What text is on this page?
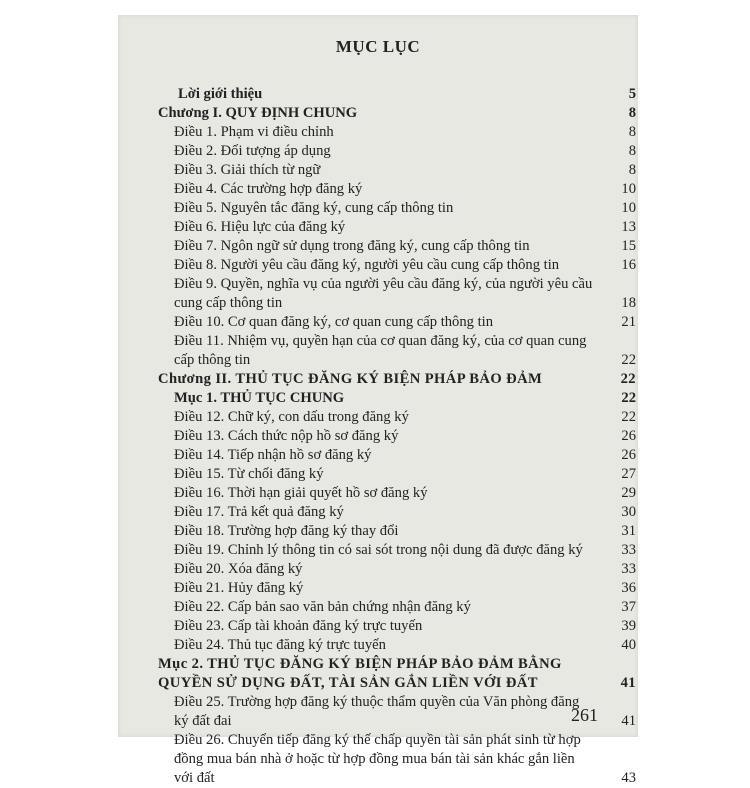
MỤC LỤC
Lời giới thiệu	5
Chương I. QUY ĐỊNH CHUNG	8
Điều 1. Phạm vi điều chỉnh	8
Điều 2. Đối tượng áp dụng	8
Điều 3. Giải thích từ ngữ	8
Điều 4. Các trường hợp đăng ký	10
Điều 5. Nguyên tắc đăng ký, cung cấp thông tin	10
Điều 6. Hiệu lực của đăng ký	13
Điều 7. Ngôn ngữ sử dụng trong đăng ký, cung cấp thông tin	15
Điều 8. Người yêu cầu đăng ký, người yêu cầu cung cấp thông tin	16
Điều 9. Quyền, nghĩa vụ của người yêu cầu đăng ký, của người yêu cầu cung cấp thông tin	18
Điều 10. Cơ quan đăng ký, cơ quan cung cấp thông tin	21
Điều 11. Nhiệm vụ, quyền hạn của cơ quan đăng ký, của cơ quan cung cấp thông tin	22
Chương II. THỦ TỤC ĐĂNG KÝ BIỆN PHÁP BẢO ĐẢM	22
Mục 1. THỦ TỤC CHUNG	22
Điều 12. Chữ ký, con dấu trong đăng ký	22
Điều 13. Cách thức nộp hồ sơ đăng ký	26
Điều 14. Tiếp nhận hồ sơ đăng ký	26
Điều 15. Từ chối đăng ký	27
Điều 16. Thời hạn giải quyết hồ sơ đăng ký	29
Điều 17. Trả kết quả đăng ký	30
Điều 18. Trường hợp đăng ký thay đổi	31
Điều 19. Chỉnh lý thông tin có sai sót trong nội dung đã được đăng ký	33
Điều 20. Xóa đăng ký	33
Điều 21. Hủy đăng ký	36
Điều 22. Cấp bản sao văn bản chứng nhận đăng ký	37
Điều 23. Cấp tài khoản đăng ký trực tuyến	39
Điều 24. Thủ tục đăng ký trực tuyến	40
Mục 2. THỦ TỤC ĐĂNG KÝ BIỆN PHÁP BẢO ĐẢM BẰNG QUYỀN SỬ DỤNG ĐẤT, TÀI SẢN GẮN LIỀN VỚI ĐẤT	41
Điều 25. Trường hợp đăng ký thuộc thẩm quyền của Văn phòng đăng ký đất đai	41
Điều 26. Chuyển tiếp đăng ký thế chấp quyền tài sản phát sinh từ hợp đồng mua bán nhà ở hoặc từ hợp đồng mua bán tài sản khác gắn liền với đất	43
261
